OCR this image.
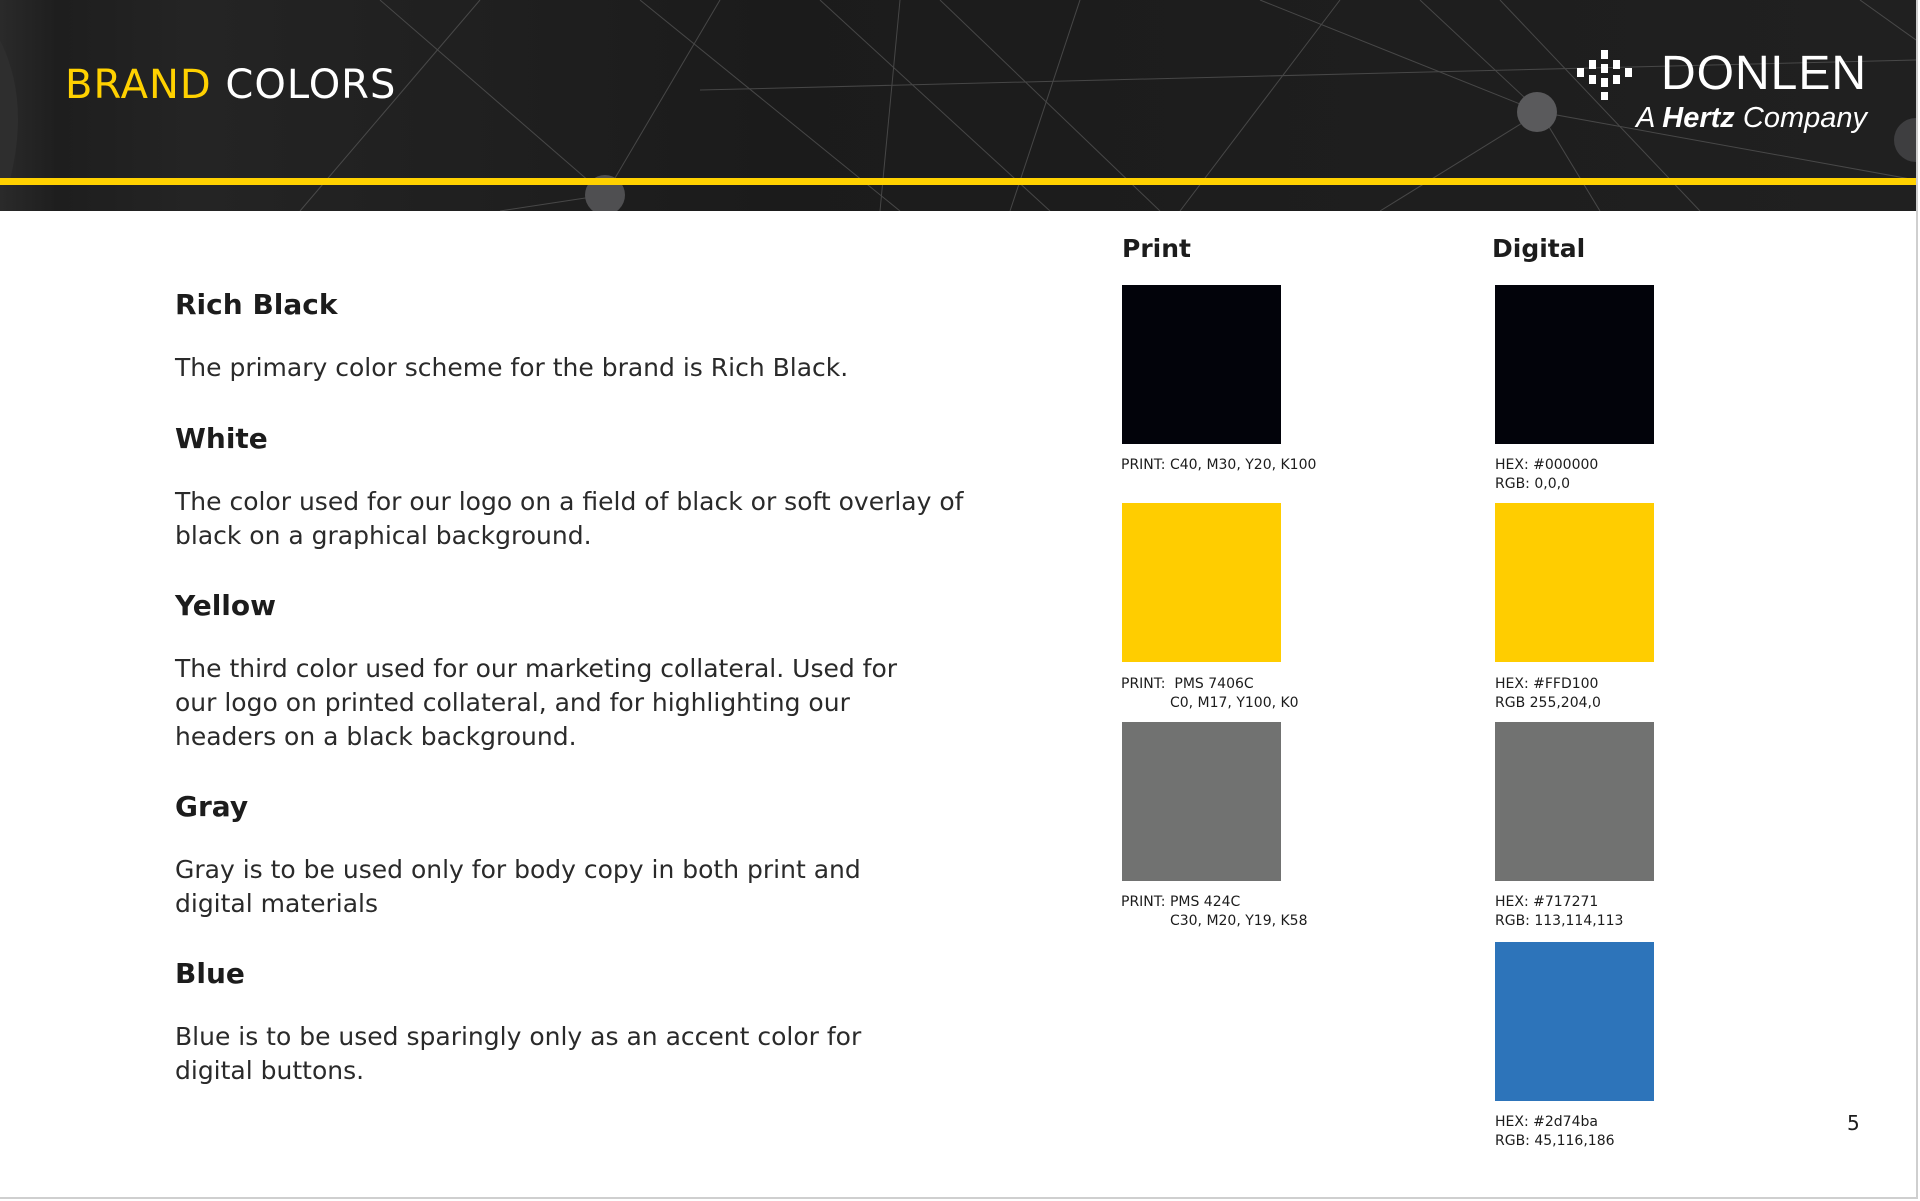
BRAND COLORS	DONLEN
A Hertz Company

Rich Black

The primary color scheme for the brand is Rich Black.

White

The color used for our logo on a field of black or soft overlay of black on a graphical background.

Yellow

The third color used for our marketing collateral. Used for our logo on printed collateral, and for highlighting our headers on a black background.

Gray

Gray is to be used only for body copy in both print and digital materials

Blue

Blue is to be used sparingly only as an accent color for digital buttons.

Print	Digital
PRINT: C40, M30, Y20, K100
PRINT:  PMS 7406C
C0, M17, Y100, K0
PRINT: PMS 424C
C30, M20, Y19, K58
HEX: #000000
RGB: 0,0,0
HEX: #FFD100
RGB 255,204,0
HEX: #717271
RGB: 113,114,113
HEX: #2d74ba
RGB: 45,116,186
5
